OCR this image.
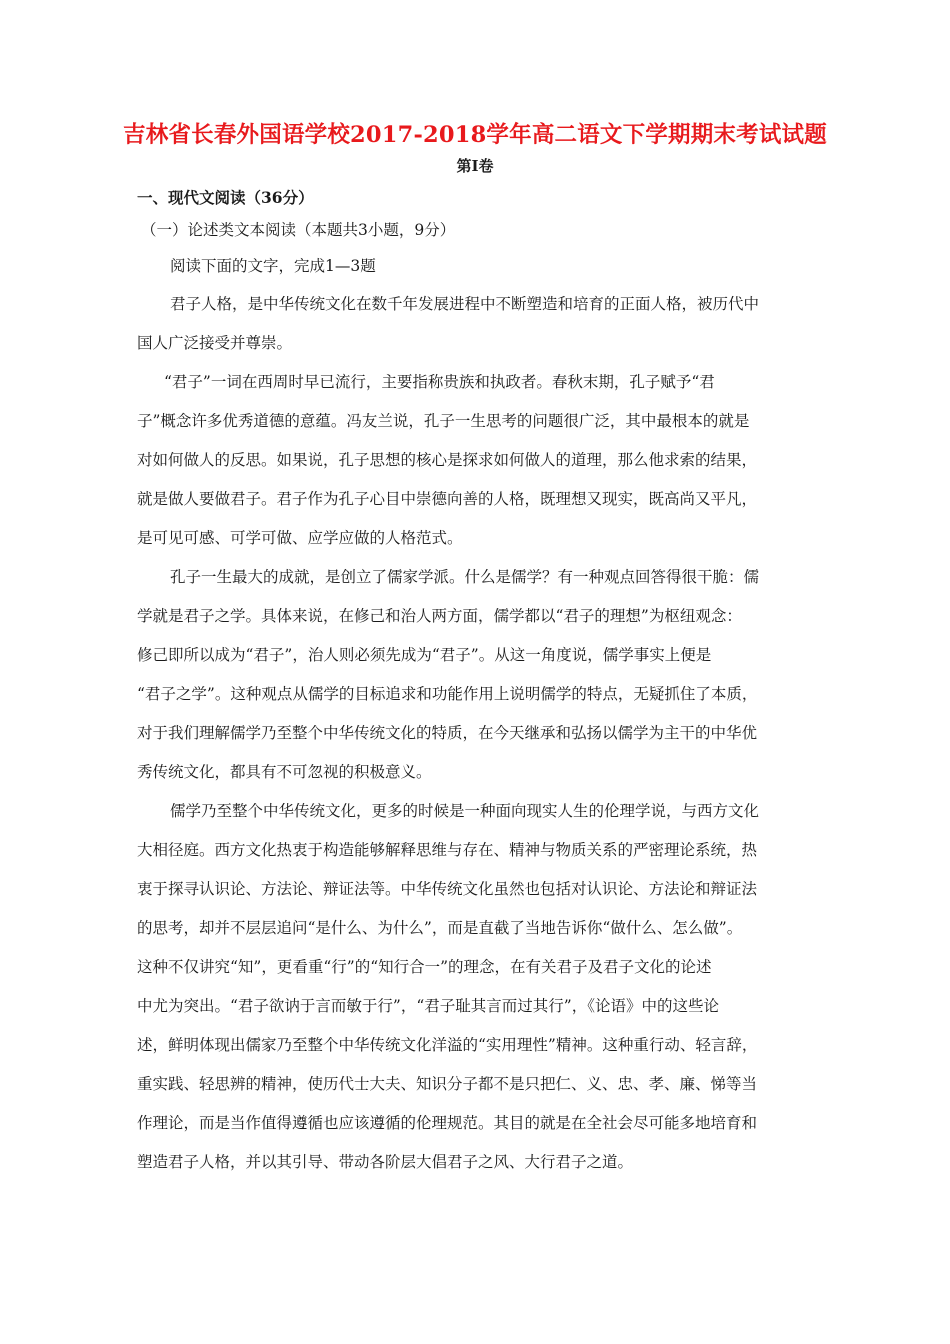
吉林省长春外国语学校2017-2018学年高二语文下学期期末考试试题
第Ⅰ卷
一、现代文阅读（36分）
（一）论述类文本阅读（本题共3小题，9分）
阅读下面的文字，完成1—3题
君子人格，是中华传统文化在数千年发展进程中不断塑造和培育的正面人格，被历代中
国人广泛接受并尊崇。
“君子”一词在西周时早已流行，主要指称贵族和执政者。春秋末期，孔子赋予“君
子”概念许多优秀道德的意蕴。冯友兰说，孔子一生思考的问题很广泛，其中最根本的就是
对如何做人的反思。如果说，孔子思想的核心是探求如何做人的道理，那么他求索的结果，
就是做人要做君子。君子作为孔子心目中崇德向善的人格，既理想又现实，既高尚又平凡，
是可见可感、可学可做、应学应做的人格范式。
孔子一生最大的成就，是创立了儒家学派。什么是儒学？有一种观点回答得很干脆：儒
学就是君子之学。具体来说，在修己和治人两方面，儒学都以“君子的理想”为枢纽观念：
修己即所以成为“君子”，治人则必须先成为“君子”。从这一角度说，儒学事实上便是
“君子之学”。这种观点从儒学的目标追求和功能作用上说明儒学的特点，无疑抓住了本质，
对于我们理解儒学乃至整个中华传统文化的特质，在今天继承和弘扬以儒学为主干的中华优
秀传统文化，都具有不可忽视的积极意义。
儒学乃至整个中华传统文化，更多的时候是一种面向现实人生的伦理学说，与西方文化
大相径庭。西方文化热衷于构造能够解释思维与存在、精神与物质关系的严密理论系统，热
衷于探寻认识论、方法论、辩证法等。中华传统文化虽然也包括对认识论、方法论和辩证法
的思考，却并不层层追问“是什么、为什么”，而是直截了当地告诉你“做什么、怎么做”。
这种不仅讲究“知”，更看重“行”的“知行合一”的理念，在有关君子及君子文化的论述
中尤为突出。“君子欲讷于言而敏于行”，“君子耻其言而过其行”，《论语》中的这些论
述，鲜明体现出儒家乃至整个中华传统文化洋溢的“实用理性”精神。这种重行动、轻言辞，
重实践、轻思辨的精神，使历代士大夫、知识分子都不是只把仁、义、忠、孝、廉、悌等当
作理论，而是当作值得遵循也应该遵循的伦理规范。其目的就是在全社会尽可能多地培育和
塑造君子人格，并以其引导、带动各阶层大倡君子之风、大行君子之道。
